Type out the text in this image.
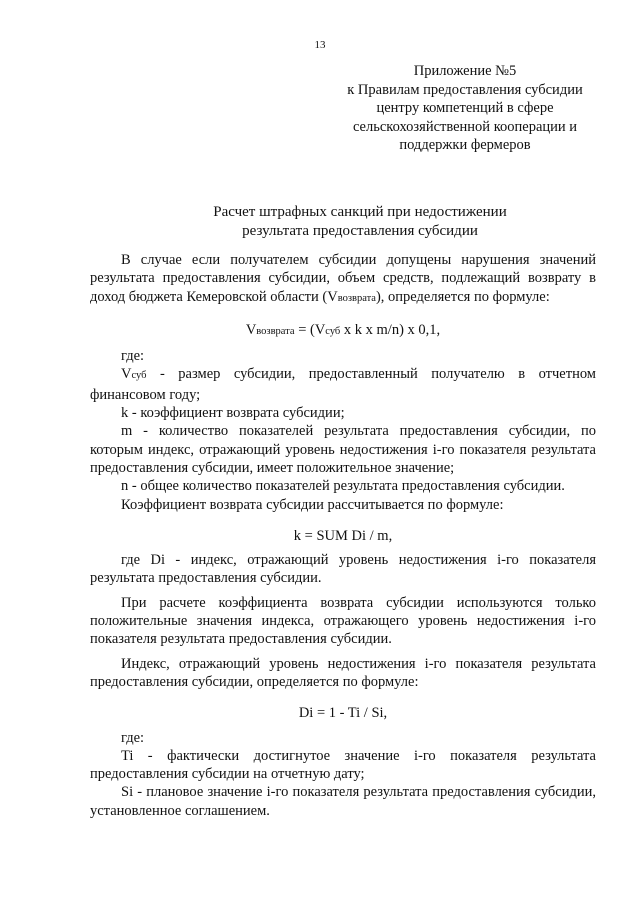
13
Приложение №5
к Правилам предоставления субсидии
центру компетенций в сфере
сельскохозяйственной кооперации и
поддержки фермеров
Расчет штрафных санкций при недостижении
результата предоставления субсидии

В случае если получателем субсидии допущены нарушения значений результата предоставления субсидии, объем средств, подлежащий возврату в доход бюджета Кемеровской области (Vвозврата), определяется по формуле:

Vвозврата = (Vсуб x k x m/n) x 0,1,

где:

Vсуб - размер субсидии, предоставленный получателю в отчетном финансовом году;

k - коэффициент возврата субсидии;

m - количество показателей результата предоставления субсидии, по которым индекс, отражающий уровень недостижения i-го показателя результата предоставления субсидии, имеет положительное значение;

n - общее количество показателей результата предоставления субсидии.

Коэффициент возврата субсидии рассчитывается по формуле:

k = SUM Di / m,

где Di - индекс, отражающий уровень недостижения i-го показателя результата предоставления субсидии.

При расчете коэффициента возврата субсидии используются только положительные значения индекса, отражающего уровень недостижения i-го показателя результата предоставления субсидии.

Индекс, отражающий уровень недостижения i-го показателя результата предоставления субсидии, определяется по формуле:

Di = 1 - Ti / Si,

где:

Ti - фактически достигнутое значение i-го показателя результата предоставления субсидии на отчетную дату;

Si - плановое значение i-го показателя результата предоставления субсидии, установленное соглашением.
